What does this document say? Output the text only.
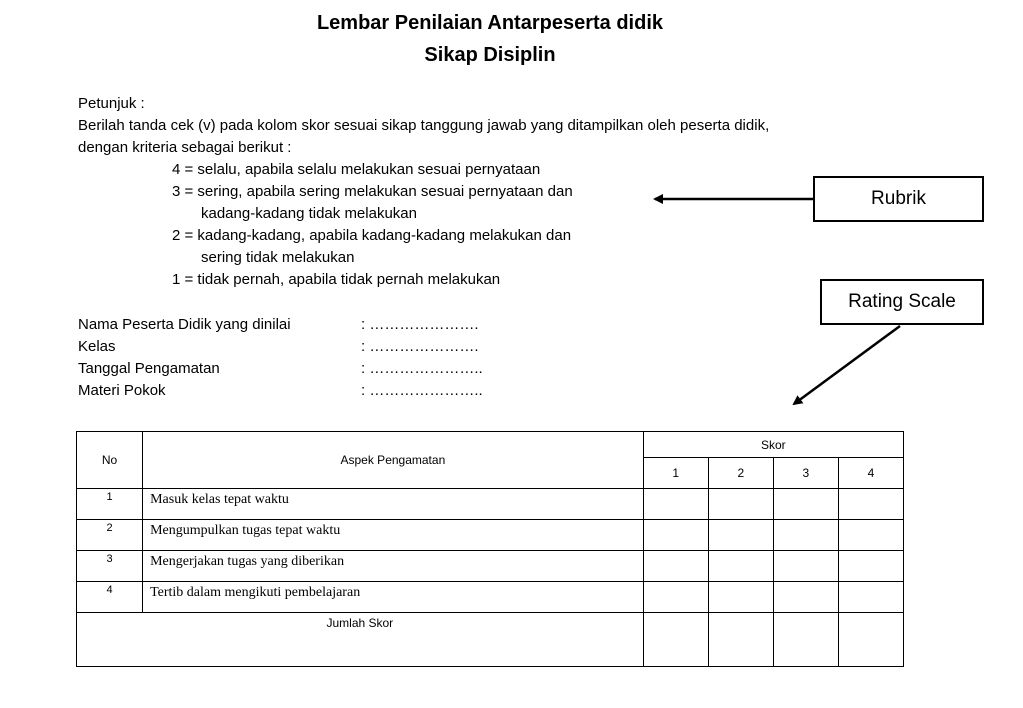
Lembar Penilaian Antarpeserta didik
Sikap Disiplin
Petunjuk :
Berilah tanda cek (v) pada kolom skor sesuai sikap tanggung jawab yang ditampilkan oleh peserta didik,
dengan kriteria sebagai berikut :
4 = selalu, apabila selalu melakukan sesuai pernyataan
3 = sering, apabila sering melakukan sesuai pernyataan dan
kadang-kadang tidak melakukan
2 = kadang-kadang, apabila kadang-kadang melakukan dan
sering tidak melakukan
1 = tidak pernah, apabila tidak pernah melakukan
Nama Peserta Didik yang dinilai	: ………………….
Kelas	: ………………….
Tanggal Pengamatan	: …………………..
Materi Pokok	: …………………..
Rubrik
Rating Scale
No	Aspek Pengamatan	Skor			
		1	2	3	4
1	Masuk kelas tepat waktu				
2	Mengumpulkan tugas tepat waktu				
3	Mengerjakan tugas yang diberikan				
4	Tertib dalam mengikuti pembelajaran				
Jumlah Skor					
